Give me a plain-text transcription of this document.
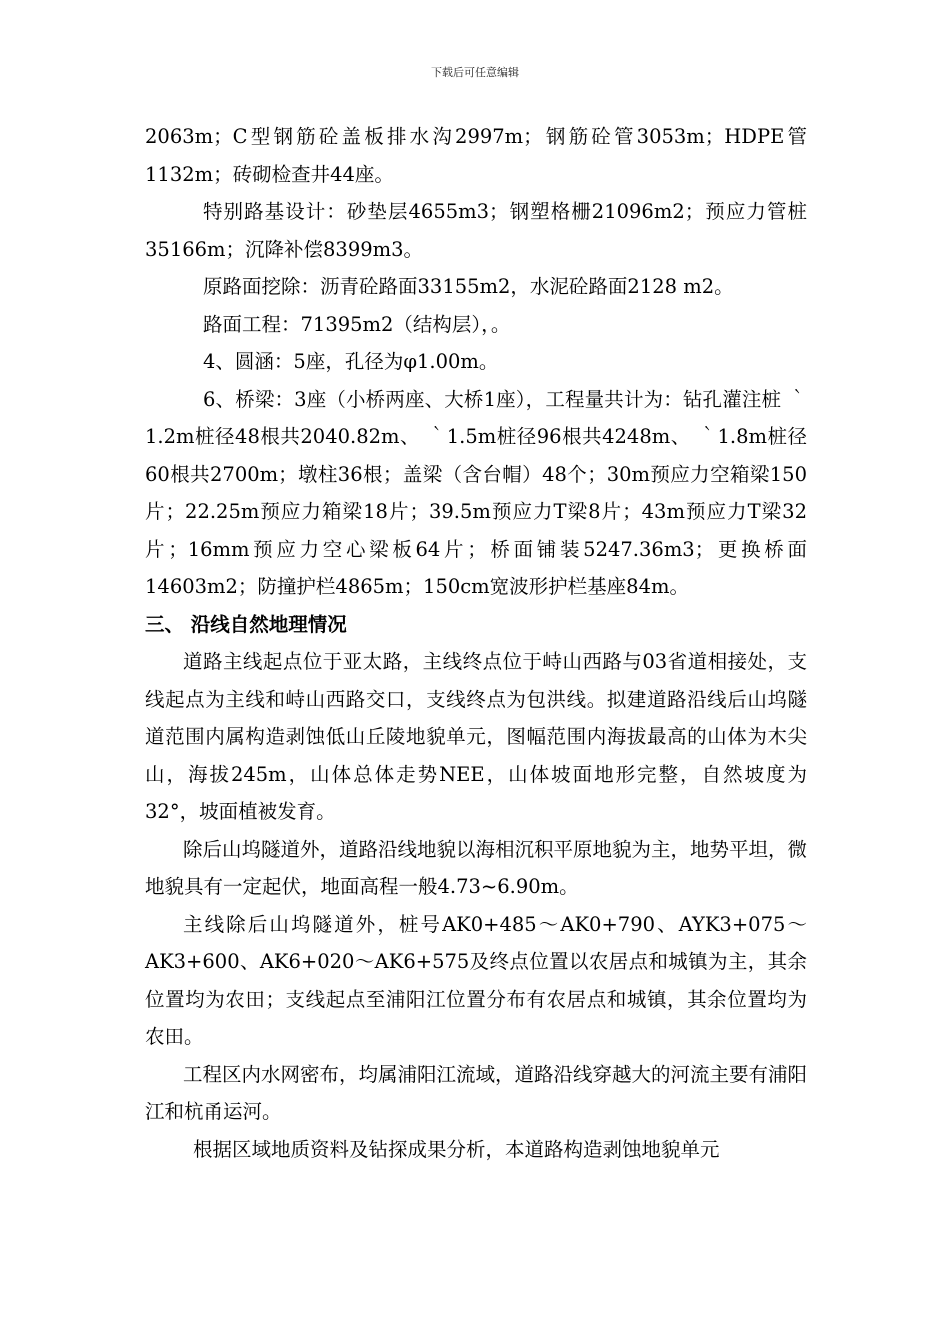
下载后可任意编辑

2063m；C型钢筋砼盖板排水沟2997m；钢筋砼管3053m；HDPE管1132m；砖砌检查井44座。

特别路基设计：砂垫层4655m3；钢塑格栅21096m2；预应力管桩35166m；沉降补偿8399m3。

原路面挖除：沥青砼路面33155m2，水泥砼路面2128 m2。

路面工程：71395m2（结构层），。

4、圆涵：5座，孔径为φ1.00m。

6、桥梁：3座（小桥两座、大桥1座），工程量共计为：钻孔灌注桩 ｀1.2m桩径48根共2040.82m、 ｀1.5m桩径96根共4248m、 ｀1.8m桩径60根共2700m；墩柱36根；盖梁（含台帽）48个；30m预应力空箱梁150片；22.25m预应力箱梁18片；39.5m预应力T梁8片；43m预应力T梁32片；16mm预应力空心梁板64片；桥面铺装5247.36m3；更换桥面14603m2；防撞护栏4865m；150cm宽波形护栏基座84m。

三、 沿线自然地理情况

道路主线起点位于亚太路，主线终点位于峙山西路与03省道相接处，支线起点为主线和峙山西路交口，支线终点为包洪线。拟建道路沿线后山坞隧道范围内属构造剥蚀低山丘陵地貌单元，图幅范围内海拔最高的山体为木尖山，海拔245m，山体总体走势NEE，山体坡面地形完整，自然坡度为32°，坡面植被发育。

除后山坞隧道外，道路沿线地貌以海相沉积平原地貌为主，地势平坦，微地貌具有一定起伏，地面高程一般4.73~6.90m。

主线除后山坞隧道外，桩号AK0+485～AK0+790、AYK3+075～AK3+600、AK6+020～AK6+575及终点位置以农居点和城镇为主，其余位置均为农田；支线起点至浦阳江位置分布有农居点和城镇，其余位置均为农田。

工程区内水网密布，均属浦阳江流域，道路沿线穿越大的河流主要有浦阳江和杭甬运河。

根据区域地质资料及钻探成果分析，本道路构造剥蚀地貌单元
